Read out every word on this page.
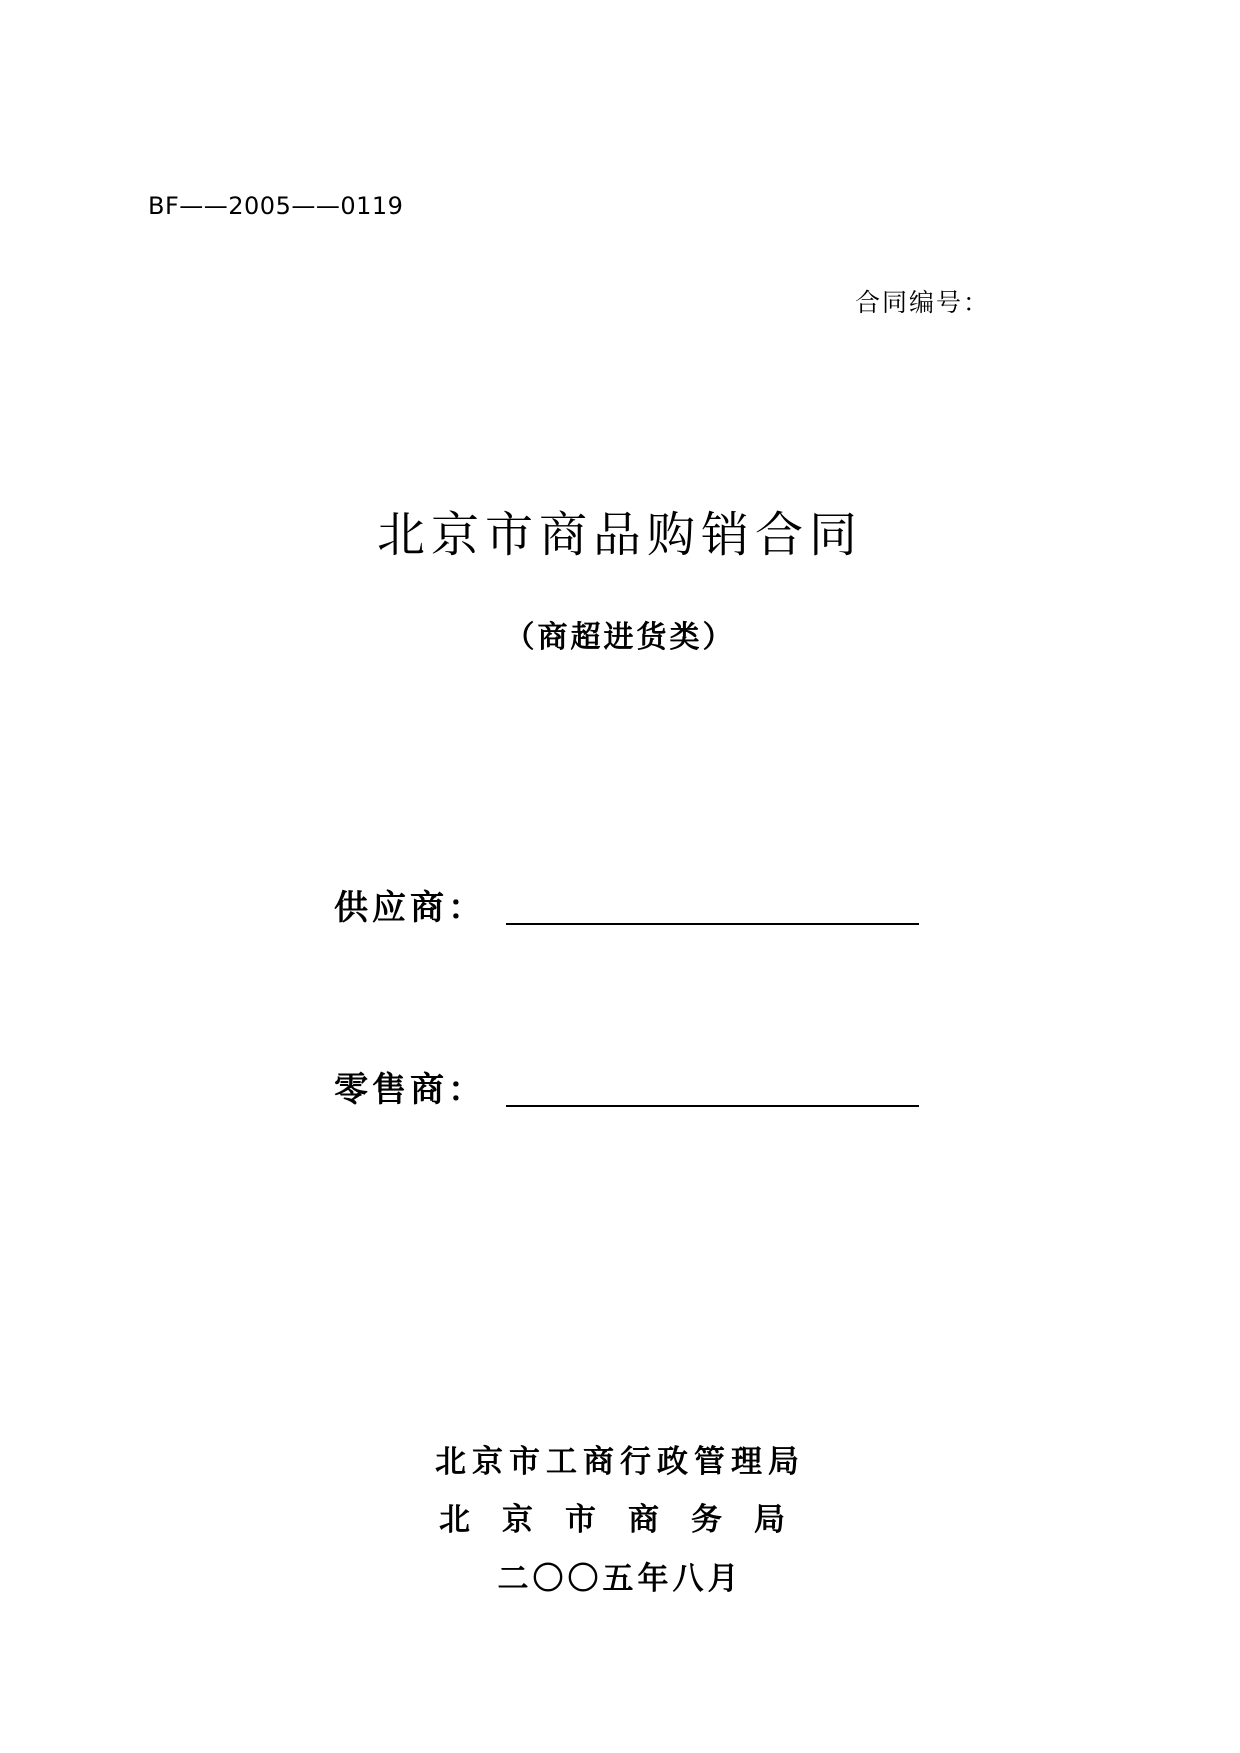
BF——2005——0119
合同编号：
北京市商品购销合同
（商超进货类）
供应商：
零售商：
北京市工商行政管理局
北京市商务局
二〇〇五年八月
